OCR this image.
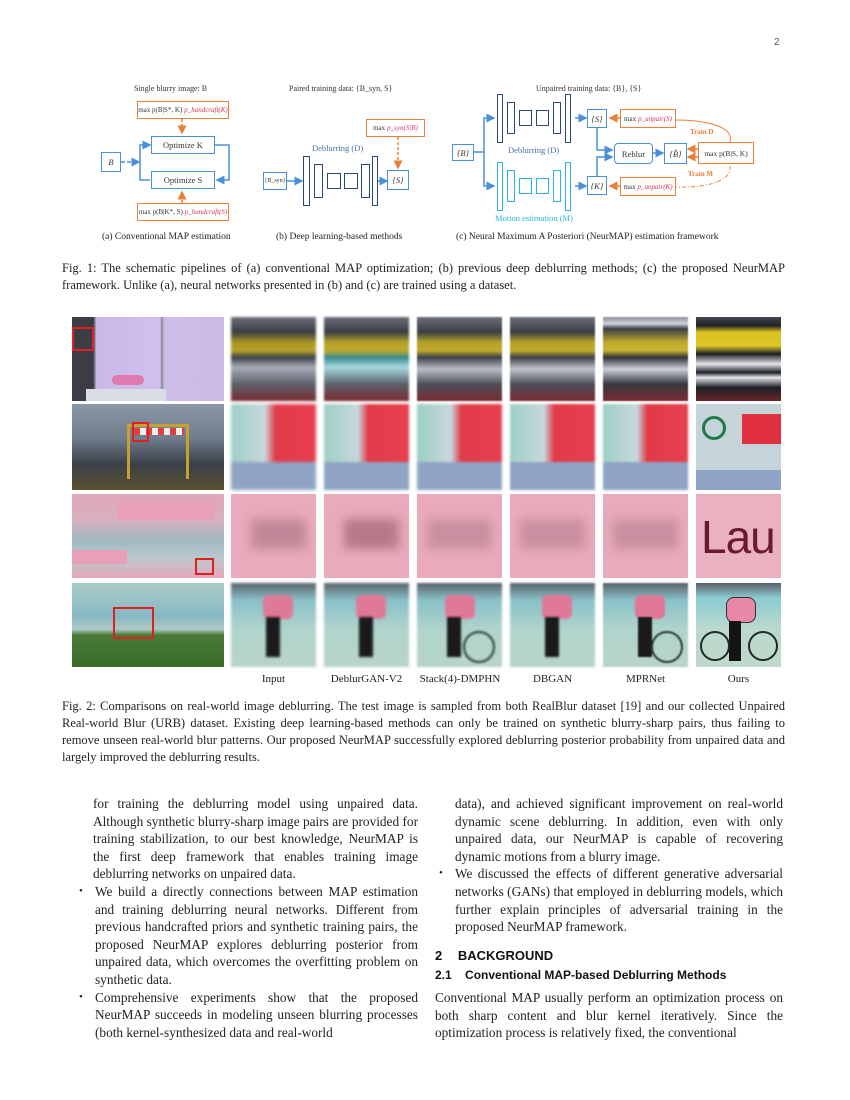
2
Single blurry image: B
max p(B|S*, K) p_handcraft(K)
Optimize K
B
Optimize S
max p(B|K*, S) p_handcraft(S)
(a) Conventional MAP estimation
Paired training data: {B_syn, S}
max p_syn(S|B)
Deblurring (D)
{B_syn}	{S}
(b) Deep learning-based methods
Unpaired training data: {B}, {S}
{B}	Deblurring (D)
Motion estimation (M)
{S}
{K}
max p_unpair(S)
max p_unpair(K)
Reblur	{B̂}	max p(B|S, K)
Train D
Train M
(c) Neural Maximum A Posteriori (NeurMAP) estimation framework
Fig. 1: The schematic pipelines of (a) conventional MAP optimization; (b) previous deep deblurring methods; (c) the proposed NeurMAP framework. Unlike (a), neural networks presented in (b) and (c) are trained using a dataset.
Lau
Input	DeblurGAN-V2	Stack(4)-DMPHN	DBGAN	MPRNet	Ours
Fig. 2: Comparisons on real-world image deblurring. The test image is sampled from both RealBlur dataset [19] and our collected Unpaired Real-world Blur (URB) dataset. Existing deep learning-based methods can only be trained on synthetic blurry-sharp pairs, thus failing to remove unseen real-world blur patterns. Our proposed NeurMAP successfully explored deblurring posterior probability from unpaired data and largely improved the deblurring results.

for training the deblurring model using unpaired data. Although synthetic blurry-sharp image pairs are provided for training stabilization, to our best knowledge, NeurMAP is the first deep framework that enables training image deblurring networks on unpaired data.

• We build a directly connections between MAP estimation and training deblurring neural networks. Different from previous handcrafted priors and synthetic training pairs, the proposed NeurMAP explores deblurring posterior from unpaired data, which overcomes the overfitting problem on synthetic data.

• Comprehensive experiments show that the proposed NeurMAP succeeds in modeling unseen blurring processes (both kernel-synthesized data and real-world

data), and achieved significant improvement on real-world dynamic scene deblurring. In addition, even with only unpaired data, our NeurMAP is capable of recovering dynamic motions from a blurry image.

• We discussed the effects of different generative adversarial networks (GANs) that employed in deblurring models, which further explain principles of adversarial training in the proposed NeurMAP framework.

2 BACKGROUND
2.1 Conventional MAP-based Deblurring Methods
Conventional MAP usually perform an optimization process on both sharp content and blur kernel iteratively. Since the optimization process is relatively fixed, the conventional
